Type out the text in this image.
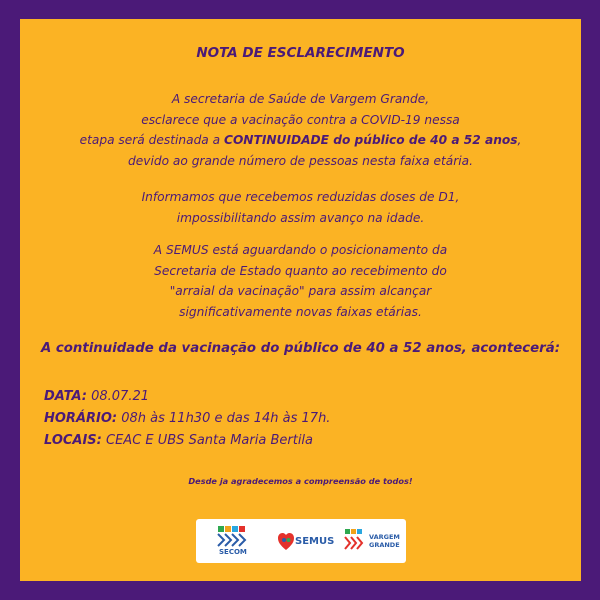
NOTA DE ESCLARECIMENTO
A secretaria de Saúde de Vargem Grande,
esclarece que a vacinação contra a COVID-19 nessa
etapa será destinada a CONTINUIDADE do público de 40 a 52 anos,
devido ao grande número de pessoas nesta faixa etária.
Informamos que recebemos reduzidas doses de D1,
impossibilitando assim avanço na idade.
A SEMUS está aguardando o posicionamento da
Secretaria de Estado quanto ao recebimento do
"arraial da vacinação" para assim alcançar
significativamente novas faixas etárias.
A continuidade da vacinação do público de 40 a 52 anos, acontecerá:
DATA: 08.07.21
HORÁRIO: 08h às 11h30 e das 14h às 17h.
LOCAIS: CEAC E UBS Santa Maria Bertila
Desde ja agradecemos a compreensão de todos!
SECOM
SEMUS	VARGEM
GRANDE
